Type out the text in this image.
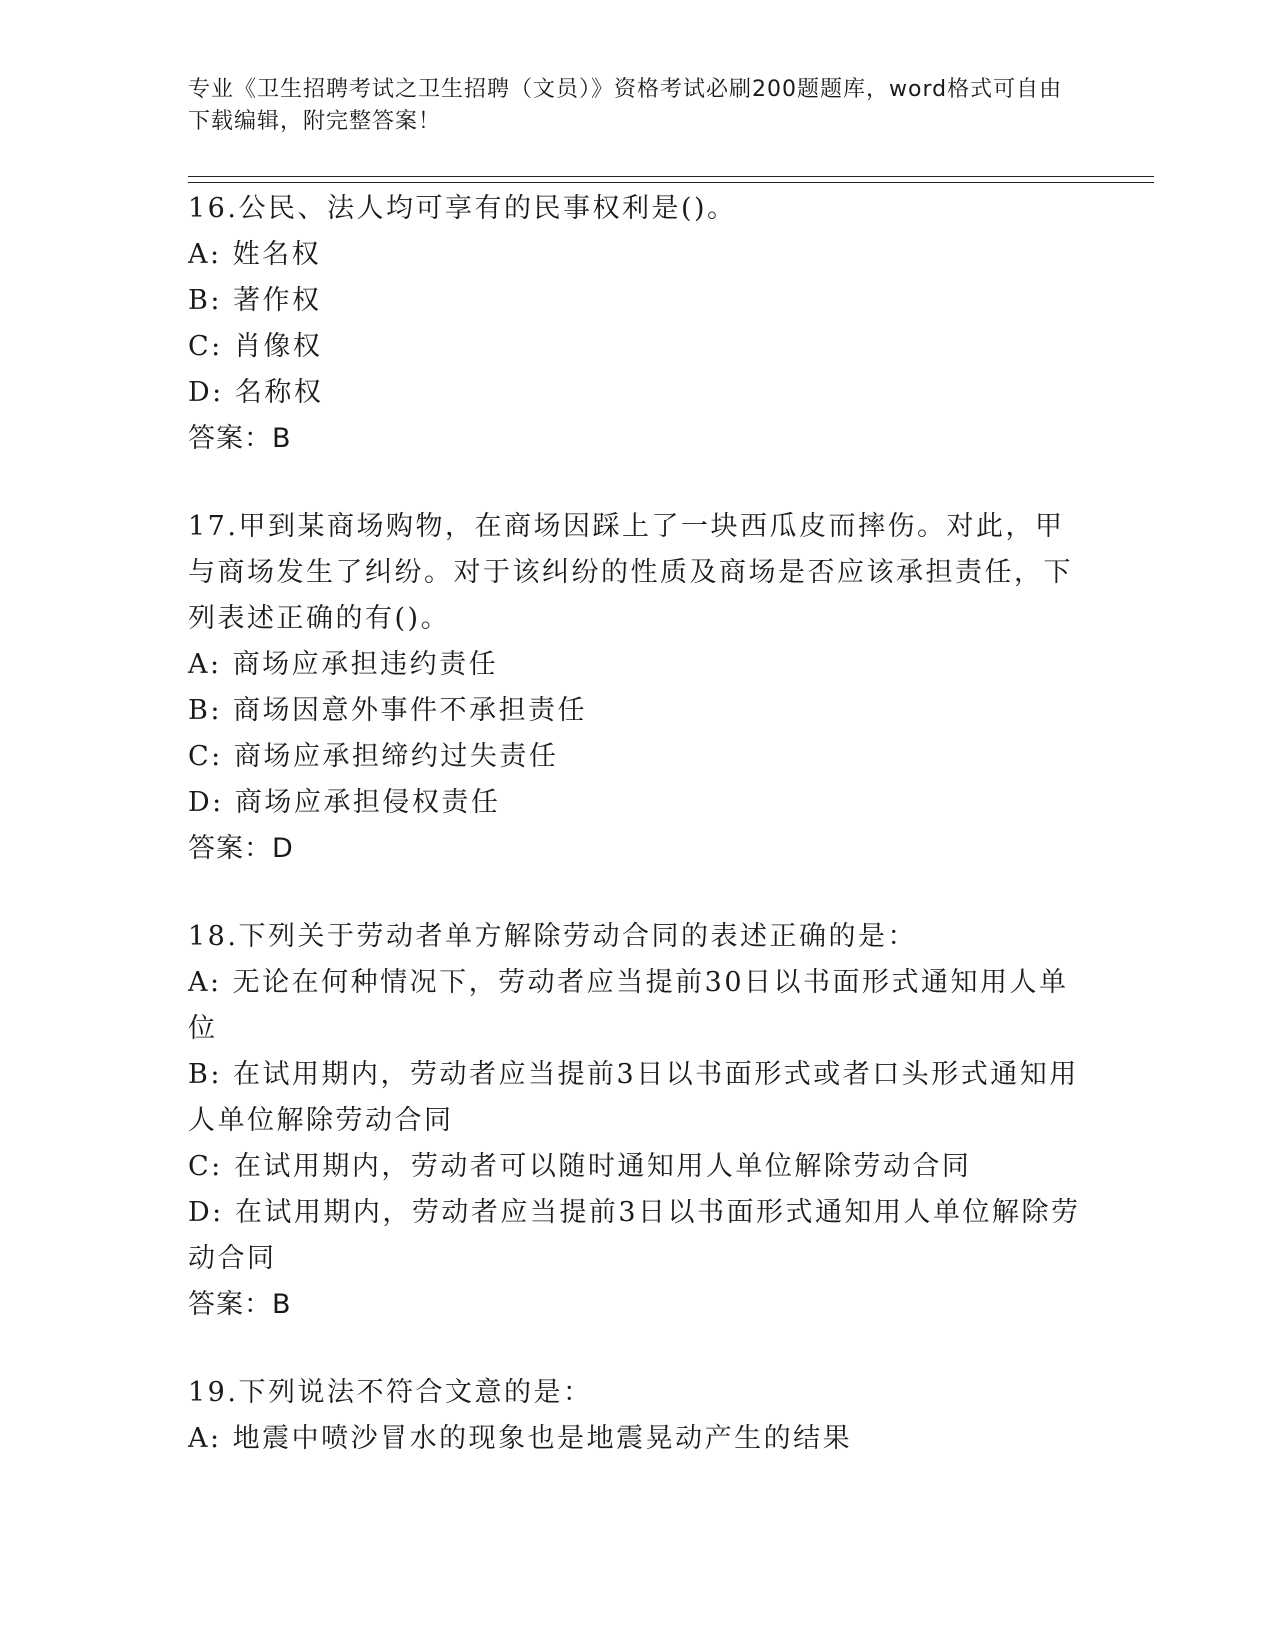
专业《卫生招聘考试之卫生招聘（文员）》资格考试必刷200题题库，word格式可自由下载编辑，附完整答案！
16.公民、法人均可享有的民事权利是()。
A: 姓名权
B: 著作权
C: 肖像权
D: 名称权
答案：B
17.甲到某商场购物，在商场因踩上了一块西瓜皮而摔伤。对此，甲与商场发生了纠纷。对于该纠纷的性质及商场是否应该承担责任，下列表述正确的有()。
A: 商场应承担违约责任
B: 商场因意外事件不承担责任
C: 商场应承担缔约过失责任
D: 商场应承担侵权责任
答案：D
18.下列关于劳动者单方解除劳动合同的表述正确的是：
A: 无论在何种情况下，劳动者应当提前30日以书面形式通知用人单位
B: 在试用期内，劳动者应当提前3日以书面形式或者口头形式通知用人单位解除劳动合同
C: 在试用期内，劳动者可以随时通知用人单位解除劳动合同
D: 在试用期内，劳动者应当提前3日以书面形式通知用人单位解除劳动合同
答案：B
19.下列说法不符合文意的是：
A: 地震中喷沙冒水的现象也是地震晃动产生的结果
